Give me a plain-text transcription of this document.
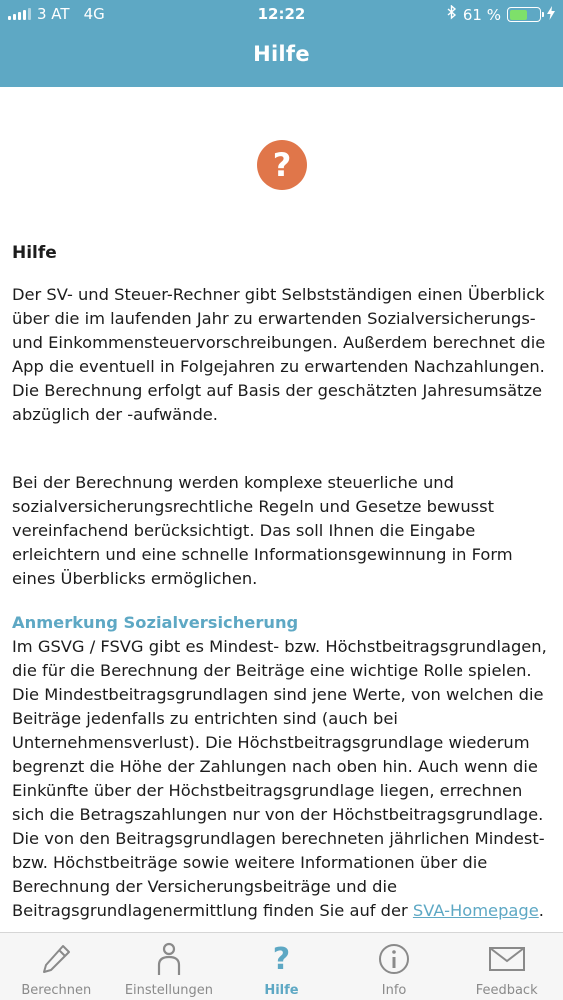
3 AT 4G	12:22	61 %
Hilfe
?
Hilfe
Der SV- und Steuer-Rechner gibt Selbstständigen einen Überblick über die im laufenden Jahr zu erwartenden Sozialversicherungs- und Einkommensteuervorschreibungen. Außerdem berechnet die App die eventuell in Folgejahren zu erwartenden Nachzahlungen. Die Berechnung erfolgt auf Basis der geschätzten Jahresumsätze abzüglich der -aufwände.
Bei der Berechnung werden komplexe steuerliche und sozialversicherungsrechtliche Regeln und Gesetze bewusst vereinfachend berücksichtigt. Das soll Ihnen die Eingabe erleichtern und eine schnelle Informationsgewinnung in Form eines Überblicks ermöglichen.
Anmerkung Sozialversicherung
Im GSVG / FSVG gibt es Mindest- bzw. Höchstbeitragsgrundlagen, die für die Berechnung der Beiträge eine wichtige Rolle spielen. Die Mindestbeitragsgrundlagen sind jene Werte, von welchen die Beiträge jedenfalls zu entrichten sind (auch bei Unternehmensverlust). Die Höchstbeitragsgrundlage wiederum begrenzt die Höhe der Zahlungen nach oben hin. Auch wenn die Einkünfte über der Höchstbeitragsgrundlage liegen, errechnen sich die Betragszahlungen nur von der Höchstbeitragsgrundlage. Die von den Beitragsgrundlagen berechneten jährlichen Mindest- bzw. Höchstbeiträge sowie weitere Informationen über die Berechnung der Versicherungsbeiträge und die Beitragsgrundlagenermittlung finden Sie auf der SVA-Homepage.
Berechnen	Einstellungen
?
Hilfe	Info	Feedback
